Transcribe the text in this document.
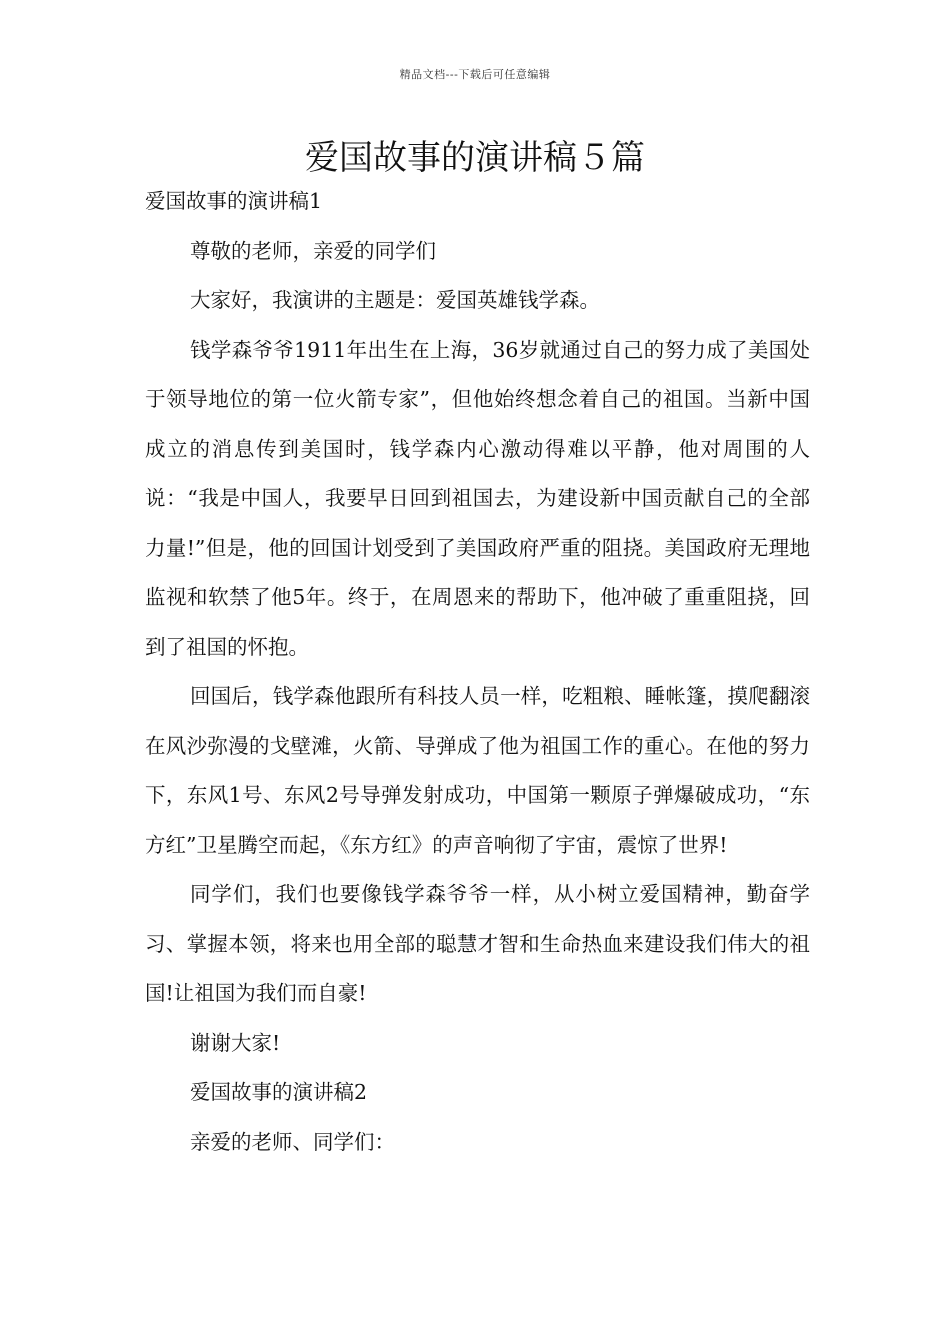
精品文档---下载后可任意编辑
爱国故事的演讲稿５篇

爱国故事的演讲稿1

尊敬的老师，亲爱的同学们

大家好，我演讲的主题是：爱国英雄钱学森。

钱学森爷爷1911年出生在上海，36岁就通过自己的努力成了美国处于领导地位的第一位火箭专家”，但他始终想念着自己的祖国。当新中国成立的消息传到美国时，钱学森内心激动得难以平静，他对周围的人说：“我是中国人，我要早日回到祖国去，为建设新中国贡献自己的全部力量!”但是，他的回国计划受到了美国政府严重的阻挠。美国政府无理地监视和软禁了他5年。终于，在周恩来的帮助下，他冲破了重重阻挠，回到了祖国的怀抱。

回国后，钱学森他跟所有科技人员一样，吃粗粮、睡帐篷，摸爬翻滚在风沙弥漫的戈壁滩，火箭、导弹成了他为祖国工作的重心。在他的努力下，东风1号、东风2号导弹发射成功，中国第一颗原子弹爆破成功，“东方红”卫星腾空而起，《东方红》的声音响彻了宇宙，震惊了世界!

同学们，我们也要像钱学森爷爷一样，从小树立爱国精神，勤奋学习、掌握本领，将来也用全部的聪慧才智和生命热血来建设我们伟大的祖国!让祖国为我们而自豪!

谢谢大家!

爱国故事的演讲稿2

亲爱的老师、同学们：
